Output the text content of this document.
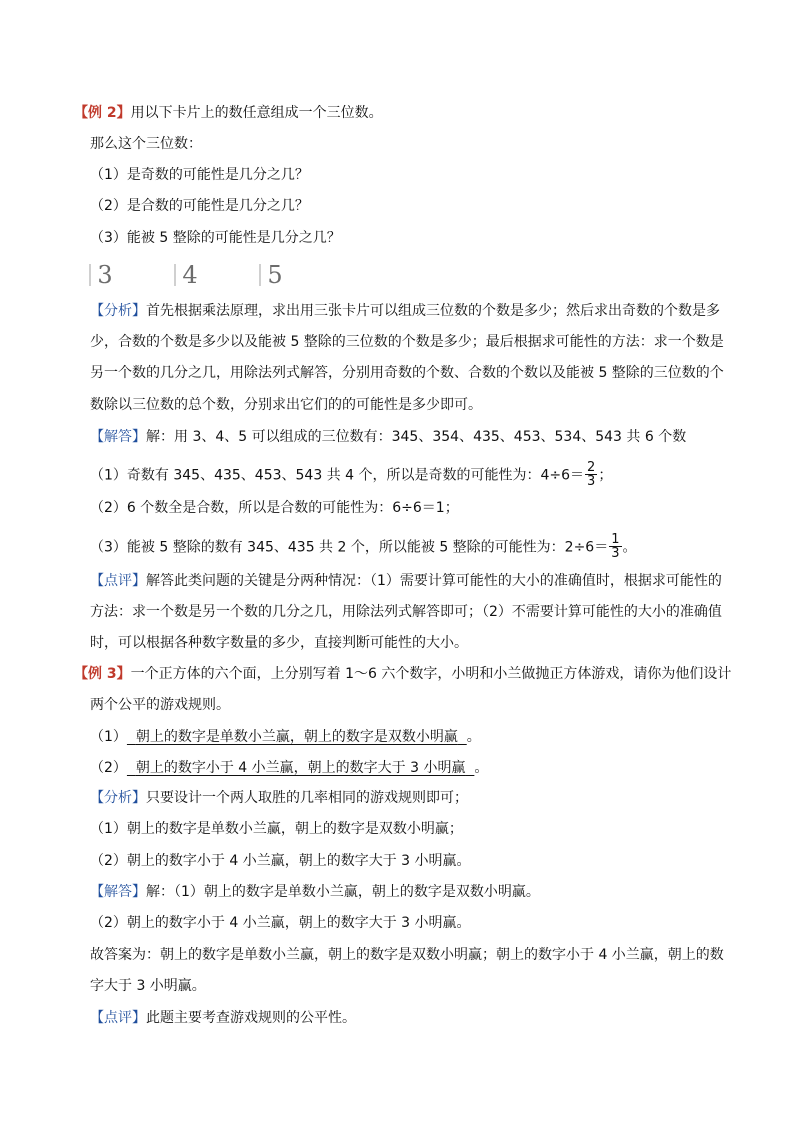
【例 2】用以下卡片上的数任意组成一个三位数。
那么这个三位数：
（1）是奇数的可能性是几分之几？
（2）是合数的可能性是几分之几？
（3）能被 5 整除的可能性是几分之几？
3	4	5
【分析】首先根据乘法原理，求出用三张卡片可以组成三位数的个数是多少；然后求出奇数的个数是多
少，合数的个数是多少以及能被 5 整除的三位数的个数是多少；最后根据求可能性的方法：求一个数是
另一个数的几分之几，用除法列式解答，分别用奇数的个数、合数的个数以及能被 5 整除的三位数的个
数除以三位数的总个数，分别求出它们的的可能性是多少即可。
【解答】解：用 3、4、5 可以组成的三位数有：345、354、435、453、534、543 共 6 个数
（1）奇数有 345、435、453、543 共 4 个，所以是奇数的可能性为：$4\div 6= \frac{2}{3}$ ；
（2）6 个数全是合数，所以是合数的可能性为：6÷6＝1；
（3）能被 5 整除的数有 345、435 共 2 个，所以能被 5 整除的可能性为：$2\div 6= \frac{1}{3}$ 。
【点评】解答此类问题的关键是分两种情况：（1）需要计算可能性的大小的准确值时，根据求可能性的
方法：求一个数是另一个数的几分之几，用除法列式解答即可；（2）不需要计算可能性的大小的准确值
时，可以根据各种数字数量的多少，直接判断可能性的大小。
【例 3】一个正方体的六个面，上分别写着 1～6 六个数字，小明和小兰做抛正方体游戏，请你为他们设计
两个公平的游戏规则。
（1） 朝上的数字是单数小兰赢，朝上的数字是双数小明赢 。
（2） 朝上的数字小于 4 小兰赢，朝上的数字大于 3 小明赢 。
【分析】只要设计一个两人取胜的几率相同的游戏规则即可；
（1）朝上的数字是单数小兰赢，朝上的数字是双数小明赢；
（2）朝上的数字小于 4 小兰赢，朝上的数字大于 3 小明赢。
【解答】解：（1）朝上的数字是单数小兰赢，朝上的数字是双数小明赢。
（2）朝上的数字小于 4 小兰赢，朝上的数字大于 3 小明赢。
故答案为：朝上的数字是单数小兰赢，朝上的数字是双数小明赢；朝上的数字小于 4 小兰赢，朝上的数
字大于 3 小明赢。
【点评】此题主要考查游戏规则的公平性。
